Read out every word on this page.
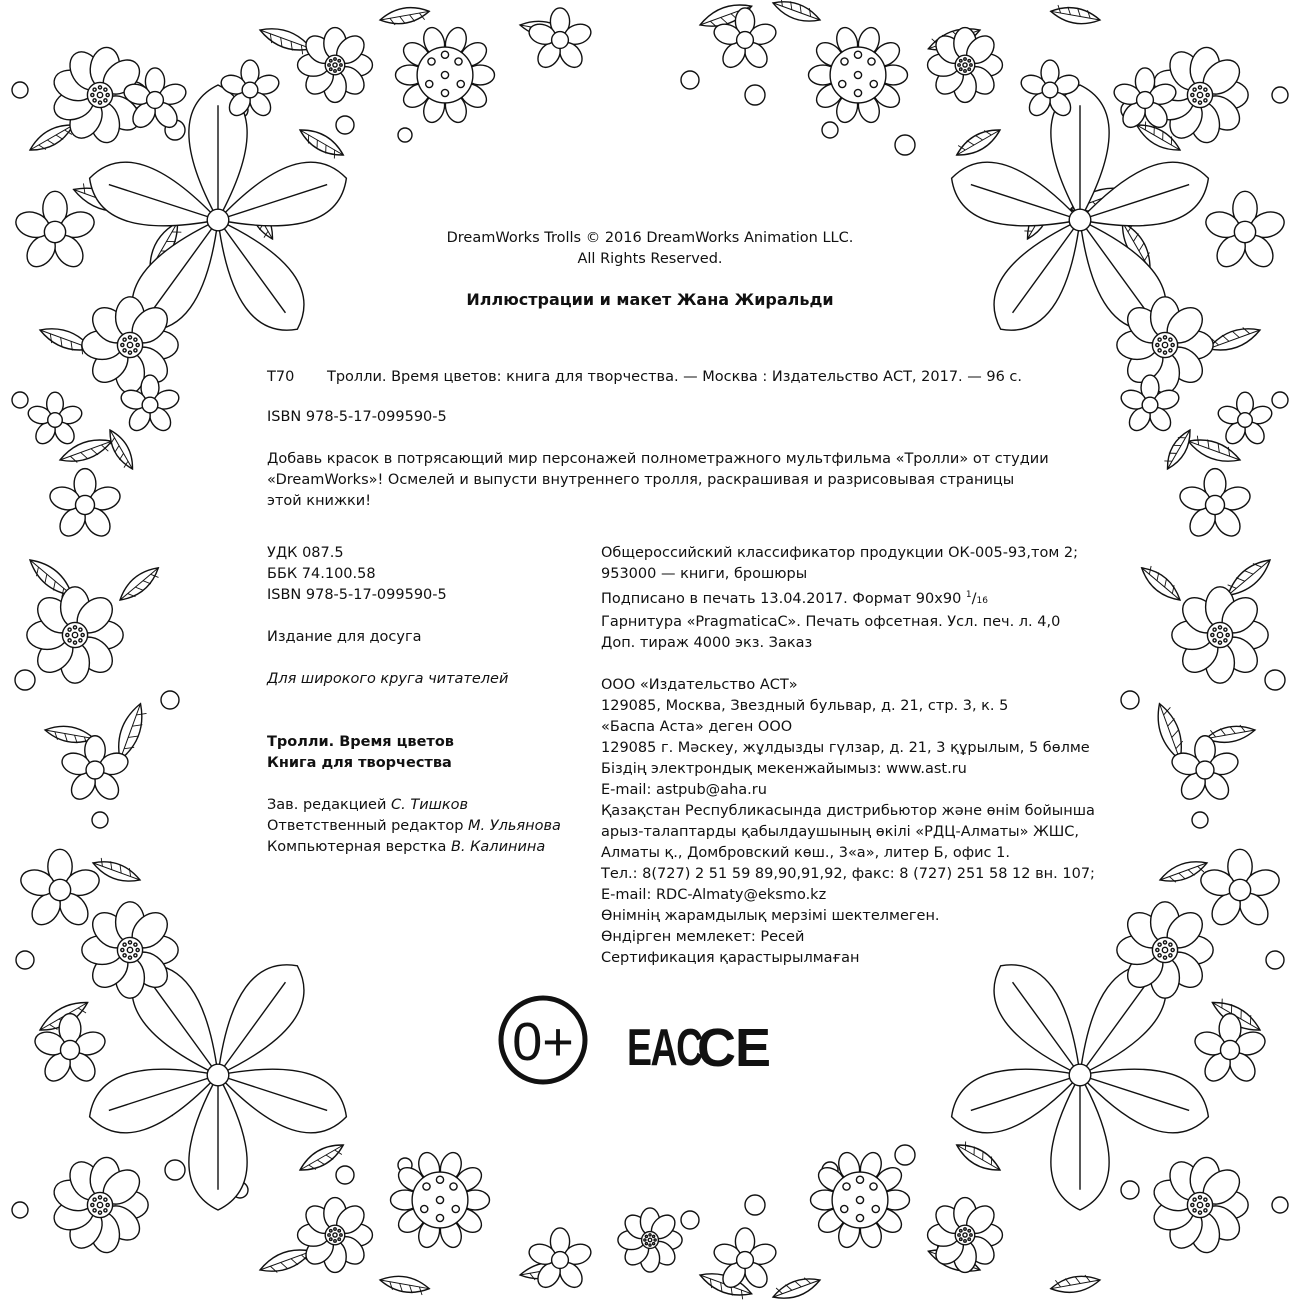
DreamWorks Trolls © 2016 DreamWorks Animation LLC.
All Rights Reserved.
Иллюстрации и макет Жана Жиральди
Т70 Тролли. Время цветов: книга для творчества. — Москва : Издательство АСТ, 2017. — 96 с.
ISBN 978-5-17-099590-5
Добавь красок в потрясающий мир персонажей полнометражного мультфильма «Тролли» от студии
«DreamWorks»! Осмелей и выпусти внутреннего тролля, раскрашивая и разрисовывая страницы
этой книжки!
УДК 087.5
ББК 74.100.58
ISBN 978-5-17-099590-5
Издание для досуга
Для широкого круга читателей
Тролли. Время цветов
Книга для творчества
Зав. редакцией С. Тишков
Ответственный редактор М. Ульянова
Компьютерная верстка В. Калинина
Общероссийский классификатор продукции ОК-005-93,том 2;
953000 — книги, брошюры
Подписано в печать 13.04.2017. Формат 90х90 $^1$/16
Гарнитура «PragmaticaC». Печать офсетная. Усл. печ. л. 4,0
Доп. тираж 4000 экз. Заказ
ООО «Издательство АСТ»
129085, Москва, Звездный бульвар, д. 21, стр. 3, к. 5
«Баспа Аста» деген ООО
129085 г. Мәскеу, жұлдызды гүлзар, д. 21, 3 құрылым, 5 бөлме
Біздің электрондық мекенжайымыз: www.ast.ru
E-mail: astpub@aha.ru
Қазақстан Республикасында дистрибьютор және өнім бойынша
арыз-талаптарды қабылдаушының өкілі «РДЦ-Алматы» ЖШС,
Алматы қ., Домбровский көш., 3«а», литер Б, офис 1.
Тел.: 8(727) 2 51 59 89,90,91,92, факс: 8 (727) 251 58 12 вн. 107;
E-mail: RDC-Almaty@eksmo.kz
Өнімнің жарамдылық мерзімі шектелмеген.
Өндірген мемлекет: Ресей
Сертификация қарастырылмаған
0+ EAC
CE
